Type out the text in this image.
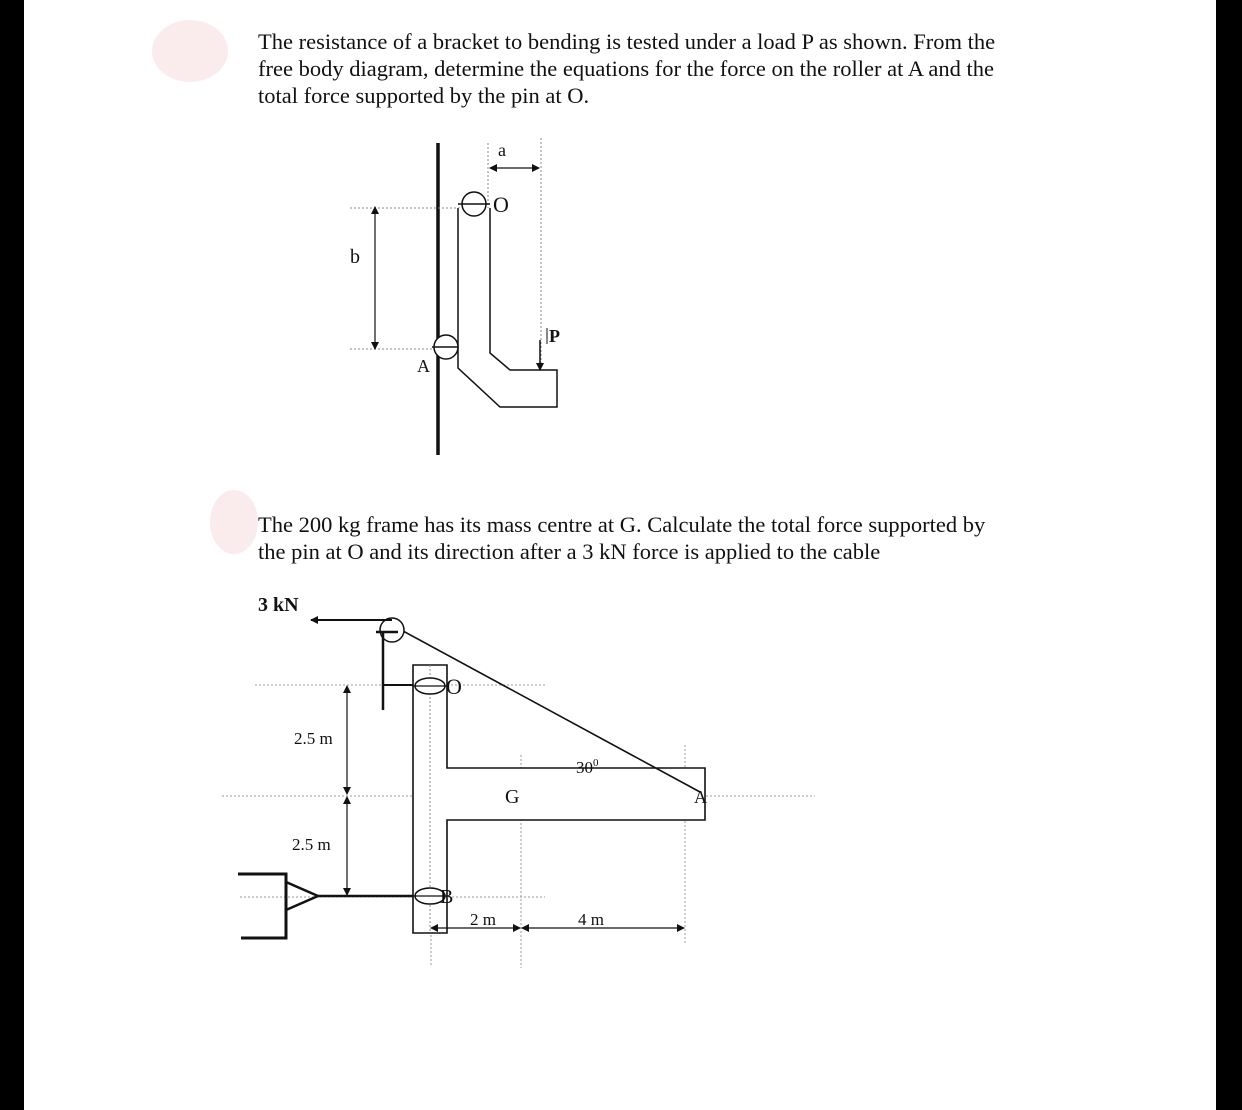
The resistance of a bracket to bending is tested under a load P as shown. From the
free body diagram, determine the equations for the force on the roller at A and the
total force supported by the pin at O.
The 200 kg frame has its mass centre at G. Calculate the total force supported by
the pin at O and its direction after a 3 kN force is applied to the cable
a
O
b
P
A
3 kN
O
2.5 m
$30^0$
G	A
2.5 m
B
2 m	4 m
